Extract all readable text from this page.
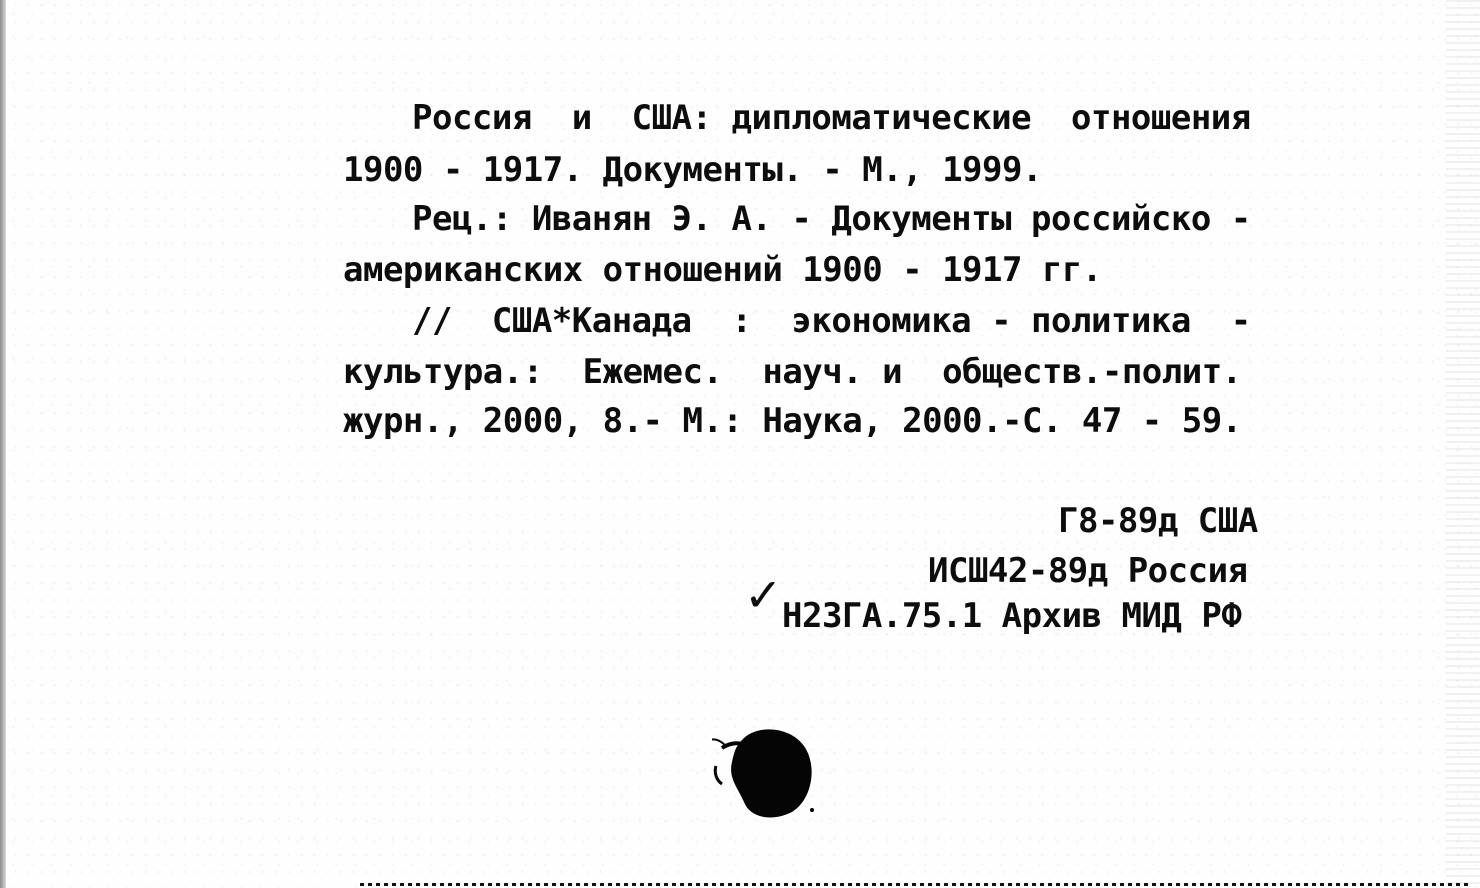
Россия  и  США: дипломатические  отношения
1900 - 1917. Документы. - М., 1999.
Рец.: Иванян Э. А. - Документы российско -
американских отношений 1900 - 1917 гг.
//  США*Канада  :  экономика - политика  -
культура.:  Ежемес.  науч. и  обществ.-полит.
журн., 2000, 8.- М.: Наука, 2000.-С. 47 - 59.
Г8-89д США
ИСШ42-89д Россия
Н23ГА.75.1 Архив МИД РФ
✓
